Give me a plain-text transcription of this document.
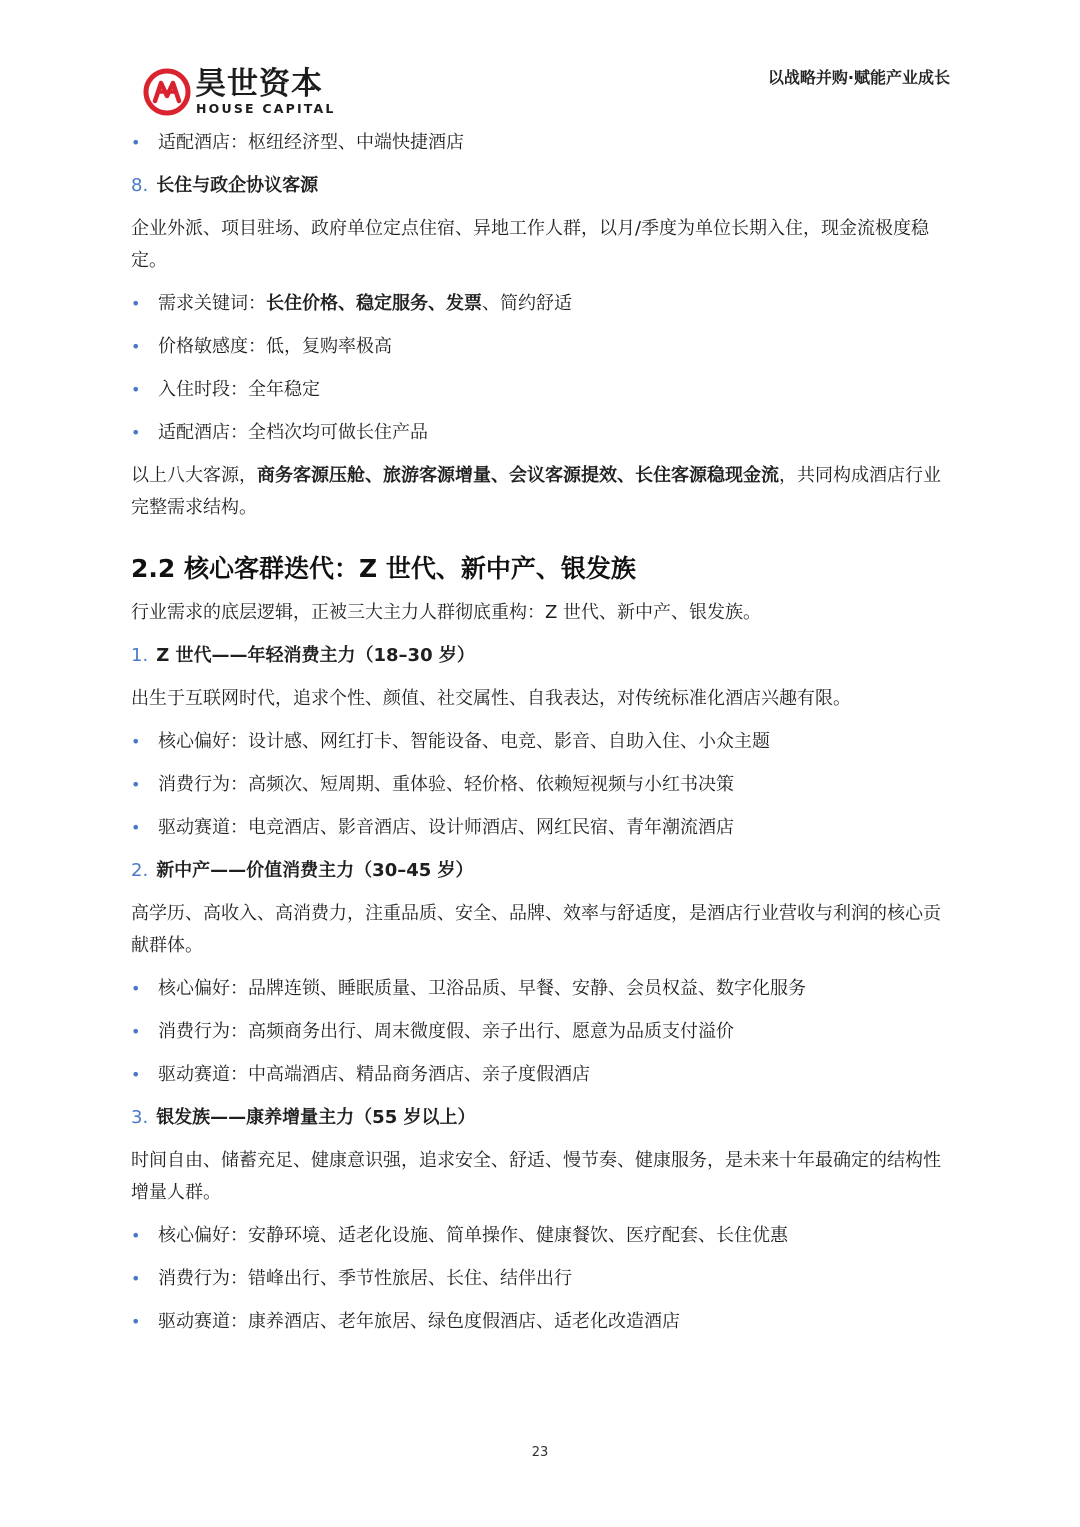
昊世资本
HOUSE CAPITAL
以战略并购·赋能产业成长
• 适配酒店：枢纽经济型、中端快捷酒店
8. 长住与政企协议客源
企业外派、项目驻场、政府单位定点住宿、异地工作人群，以月/季度为单位长期入住，现金流极度稳定。
• 需求关键词：长住价格、稳定服务、发票、简约舒适
• 价格敏感度：低，复购率极高
• 入住时段：全年稳定
• 适配酒店：全档次均可做长住产品
以上八大客源，商务客源压舱、旅游客源增量、会议客源提效、长住客源稳现金流，共同构成酒店行业完整需求结构。
2.2 核心客群迭代：Z 世代、新中产、银发族
行业需求的底层逻辑，正被三大主力人群彻底重构：Z 世代、新中产、银发族。
1. Z 世代——年轻消费主力（18–30 岁）
出生于互联网时代，追求个性、颜值、社交属性、自我表达，对传统标准化酒店兴趣有限。
• 核心偏好：设计感、网红打卡、智能设备、电竞、影音、自助入住、小众主题
• 消费行为：高频次、短周期、重体验、轻价格、依赖短视频与小红书决策
• 驱动赛道：电竞酒店、影音酒店、设计师酒店、网红民宿、青年潮流酒店
2. 新中产——价值消费主力（30–45 岁）
高学历、高收入、高消费力，注重品质、安全、品牌、效率与舒适度，是酒店行业营收与利润的核心贡献群体。
• 核心偏好：品牌连锁、睡眠质量、卫浴品质、早餐、安静、会员权益、数字化服务
• 消费行为：高频商务出行、周末微度假、亲子出行、愿意为品质支付溢价
• 驱动赛道：中高端酒店、精品商务酒店、亲子度假酒店
3. 银发族——康养增量主力（55 岁以上）
时间自由、储蓄充足、健康意识强，追求安全、舒适、慢节奏、健康服务，是未来十年最确定的结构性增量人群。
• 核心偏好：安静环境、适老化设施、简单操作、健康餐饮、医疗配套、长住优惠
• 消费行为：错峰出行、季节性旅居、长住、结伴出行
• 驱动赛道：康养酒店、老年旅居、绿色度假酒店、适老化改造酒店
23
